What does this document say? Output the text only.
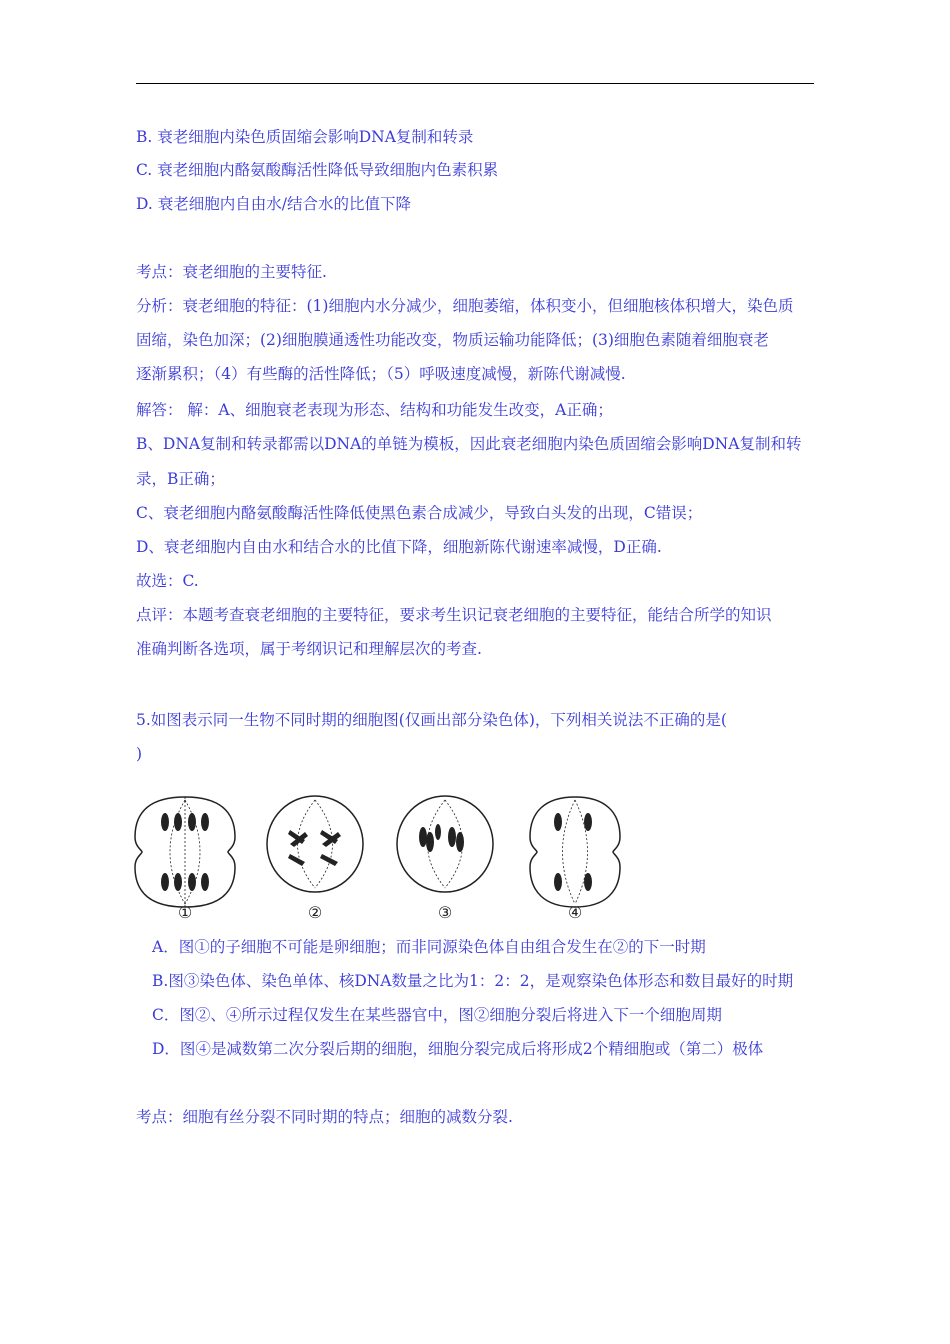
B. 衰老细胞内染色质固缩会影响DNA复制和转录
C. 衰老细胞内酪氨酸酶活性降低导致细胞内色素积累
D. 衰老细胞内自由水/结合水的比值下降
考点：衰老细胞的主要特征.
分析：衰老细胞的特征：(1)细胞内水分减少，细胞萎缩，体积变小，但细胞核体积增大，染色质
固缩，染色加深；(2)细胞膜通透性功能改变，物质运输功能降低；(3)细胞色素随着细胞衰老
逐渐累积；（4）有些酶的活性降低；（5）呼吸速度减慢，新陈代谢减慢.
解答： 解：A、细胞衰老表现为形态、结构和功能发生改变，A正确；
B、DNA复制和转录都需以DNA的单链为模板，因此衰老细胞内染色质固缩会影响DNA复制和转
录，B正确；
C、衰老细胞内酪氨酸酶活性降低使黑色素合成减少，导致白头发的出现，C错误；
D、衰老细胞内自由水和结合水的比值下降，细胞新陈代谢速率减慢，D正确.
故选：C.
点评：本题考查衰老细胞的主要特征，要求考生识记衰老细胞的主要特征，能结合所学的知识
准确判断各选项，属于考纲识记和理解层次的考查.
5.如图表示同一生物不同时期的细胞图(仅画出部分染色体)，下列相关说法不正确的是(
)
①	②	③	④
A．图①的子细胞不可能是卵细胞；而非同源染色体自由组合发生在②的下一时期
B.图③染色体、染色单体、核DNA数量之比为1：2：2，是观察染色体形态和数目最好的时期
C．图②、④所示过程仅发生在某些器官中，图②细胞分裂后将进入下一个细胞周期
D．图④是减数第二次分裂后期的细胞，细胞分裂完成后将形成2个精细胞或（第二）极体
考点：细胞有丝分裂不同时期的特点；细胞的减数分裂.
